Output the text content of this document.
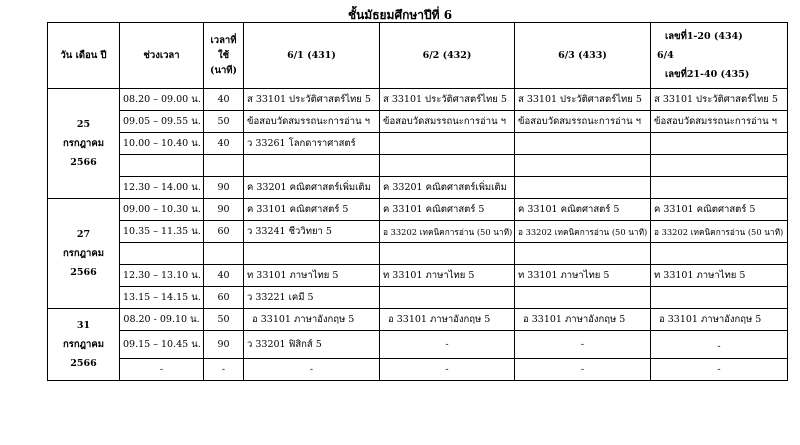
ชั้นมัธยมศึกษาปีที่ 6
วัน เดือน ปี	ช่วงเวลา	เวลาที่ใช้ (นาที)	6/1 (431)	6/2 (432)	6/3 (433)	เลขที่1-20 (434)
6/4
เลขที่21-40 (435)

25
กรกฎาคม
2566	08.20 – 09.00 น.	40	ส 33101 ประวัติศาสตร์ไทย 5	ส 33101 ประวัติศาสตร์ไทย 5	ส 33101 ประวัติศาสตร์ไทย 5	ส 33101 ประวัติศาสตร์ไทย 5
	09.05 – 09.55 น.	50	ข้อสอบวัดสมรรถนะการอ่าน ฯ	ข้อสอบวัดสมรรถนะการอ่าน ฯ	ข้อสอบวัดสมรรถนะการอ่าน ฯ	ข้อสอบวัดสมรรถนะการอ่าน ฯ
	10.00 – 10.40 น.	40	ว 33261 โลกดาราศาสตร์			

	12.30 – 14.00 น.	90	ค 33201 คณิตศาสตร์เพิ่มเติม	ค 33201 คณิตศาสตร์เพิ่มเติม		

27
กรกฎาคม
2566	09.00 – 10.30 น.	90	ค 33101 คณิตศาสตร์ 5	ค 33101 คณิตศาสตร์ 5	ค 33101 คณิตศาสตร์ 5	ค 33101 คณิตศาสตร์ 5
	10.35 – 11.35 น.	60	ว 33241 ชีววิทยา 5	อ 33202 เทคนิคการอ่าน (50 นาที)	อ 33202 เทคนิคการอ่าน (50 นาที)	อ 33202 เทคนิคการอ่าน (50 นาที)

	12.30 – 13.10 น.	40	ท 33101 ภาษาไทย 5	ท 33101 ภาษาไทย 5	ท 33101 ภาษาไทย 5	ท 33101 ภาษาไทย 5
	13.15 – 14.15 น.	60	ว 33221 เคมี 5			

31
กรกฎาคม
2566	08.20 - 09.10 น.	50	อ 33101 ภาษาอังกฤษ 5	อ 33101 ภาษาอังกฤษ 5	อ 33101 ภาษาอังกฤษ 5	อ 33101 ภาษาอังกฤษ 5
	09.15 – 10.45 น.	90	ว 33201 ฟิสิกส์ 5	-	-	-
	-	-	-	-	-	-
